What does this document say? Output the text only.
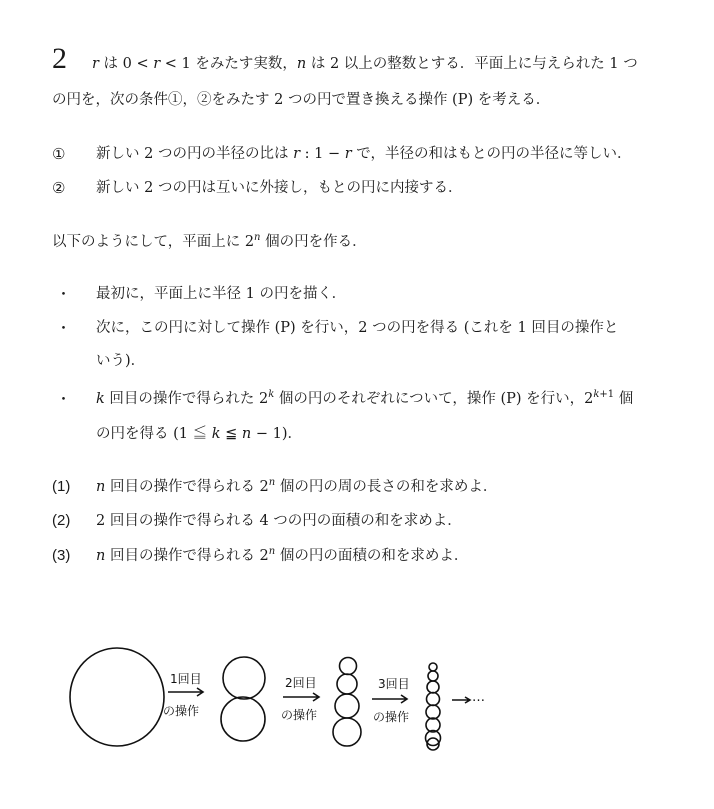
2 r は 0 < r < 1 をみたす実数，n は 2 以上の整数とする．平面上に与えられた 1 つ
の円を，次の条件①，②をみたす 2 つの円で置き換える操作 (P) を考える．
① 新しい 2 つの円の半径の比は r : 1 − r で，半径の和はもとの円の半径に等しい．
② 新しい 2 つの円は互いに外接し，もとの円に内接する．
以下のようにして，平面上に 2$^n$ 個の円を作る．
・ 最初に，平面上に半径 1 の円を描く．
・ 次に，この円に対して操作 (P) を行い，2 つの円を得る (これを 1 回目の操作と
いう)．
・ k 回目の操作で得られた 2$^k$ 個の円のそれぞれについて，操作 (P) を行い，$2^{k+1}$ 個
の円を得る (1 ≦ k ≦ n − 1)．
(1) n 回目の操作で得られる 2$^n$ 個の円の周の長さの和を求めよ．
(2) 2 回目の操作で得られる 4 つの円の面積の和を求めよ．
(3) n 回目の操作で得られる 2$^n$ 個の円の面積の和を求めよ．
1回目
の操作
2回目
の操作
3回目
の操作
…
